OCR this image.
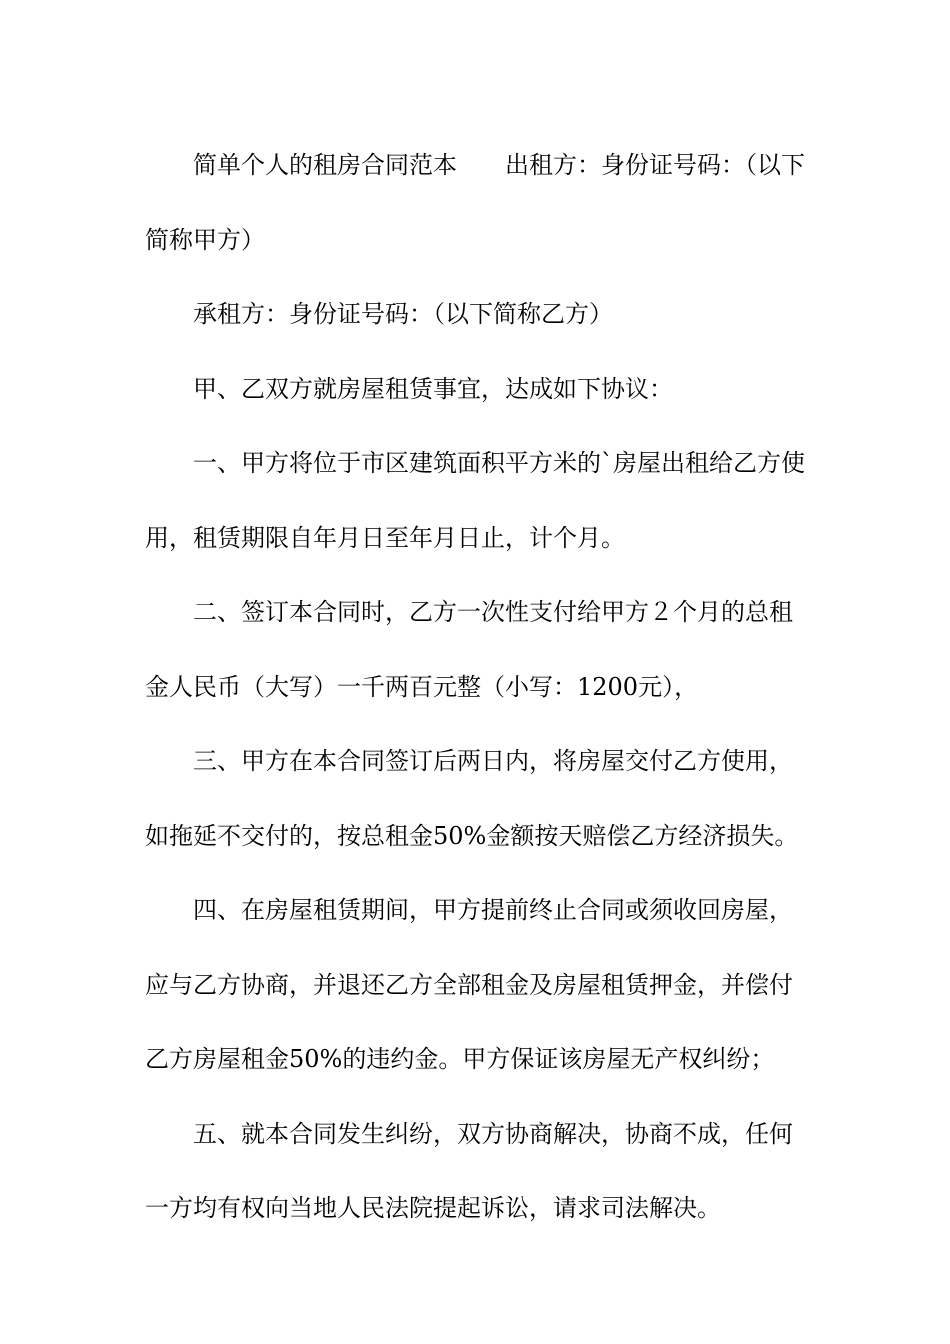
简单个人的租房合同范本　　出租方：身份证号码：（以下简称甲方）

承租方：身份证号码：（以下简称乙方）

甲、乙双方就房屋租赁事宜，达成如下协议：

一、甲方将位于市区建筑面积平方米的`房屋出租给乙方使用，租赁期限自年月日至年月日止，计个月。

二、签订本合同时，乙方一次性支付给甲方２个月的总租金人民币（大写）一千两百元整（小写：1200元），

三、甲方在本合同签订后两日内，将房屋交付乙方使用，如拖延不交付的，按总租金50%金额按天赔偿乙方经济损失。

四、在房屋租赁期间，甲方提前终止合同或须收回房屋，应与乙方协商，并退还乙方全部租金及房屋租赁押金，并偿付乙方房屋租金50%的违约金。甲方保证该房屋无产权纠纷；

五、就本合同发生纠纷，双方协商解决，协商不成，任何一方均有权向当地人民法院提起诉讼，请求司法解决。
